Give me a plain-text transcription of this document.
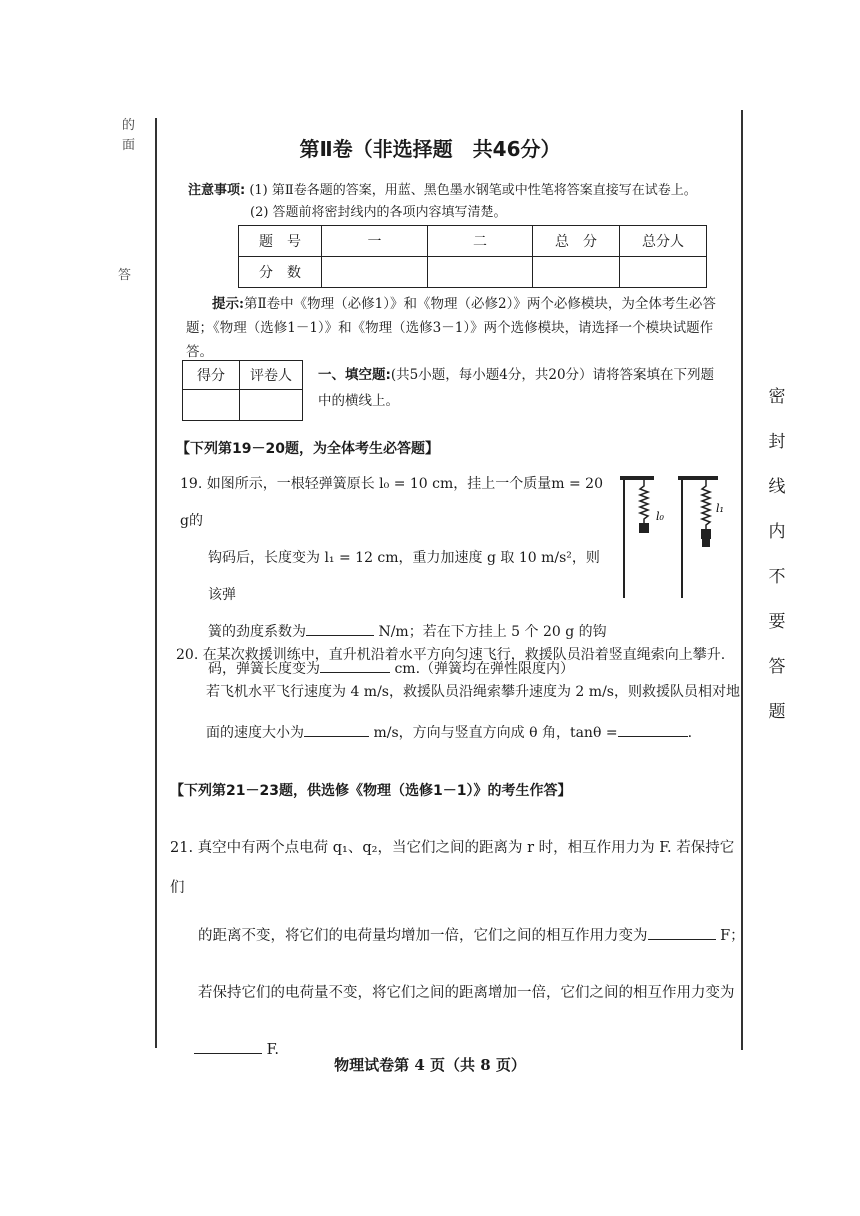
的
面
答
第Ⅱ卷（非选择题　共46分）
注意事项: (1) 第Ⅱ卷各题的答案，用蓝、黑色墨水钢笔或中性笔将答案直接写在试卷上。
(2) 答题前将密封线内的各项内容填写清楚。
题　号	一	二	总　分	总分人
分　数				
提示:第Ⅱ卷中《物理（必修1）》和《物理（必修2）》两个必修模块，为全体考生必答题；《物理（选修1－1）》和《物理（选修3－1）》两个选修模块，请选择一个模块试题作答。
得分	评卷人
	一、填空题:(共5小题，每小题4分，共20分）请将答案填在下列题中的横线上。
【下列第19－20题，为全体考生必答题】
19. 如图所示，一根轻弹簧原长 l₀ = 10 cm，挂上一个质量m = 20 g的
钩码后，长度变为 l₁ = 12 cm，重力加速度 g 取 10 m/s²，则该弹
簧的劲度系数为	N/m；若在下方挂上 5 个 20 g 的钩
码，弹簧长度变为	cm.（弹簧均在弹性限度内）
l₀
l₁
20. 在某次救援训练中，直升机沿着水平方向匀速飞行，救援队员沿着竖直绳索向上攀升.
若飞机水平飞行速度为 4 m/s，救援队员沿绳索攀升速度为 2 m/s，则救援队员相对地
面的速度大小为	m/s，方向与竖直方向成 θ 角，tanθ =	.
【下列第21－23题，供选修《物理（选修1－1）》的考生作答】
21. 真空中有两个点电荷 q₁、q₂，当它们之间的距离为 r 时，相互作用力为 F. 若保持它们
的距离不变，将它们的电荷量均增加一倍，它们之间的相互作用力变为	F；
若保持它们的电荷量不变，将它们之间的距离增加一倍，它们之间的相互作用力变为
F.
密
封
线
内
不
要
答
题
物理试卷第 4 页（共 8 页）
